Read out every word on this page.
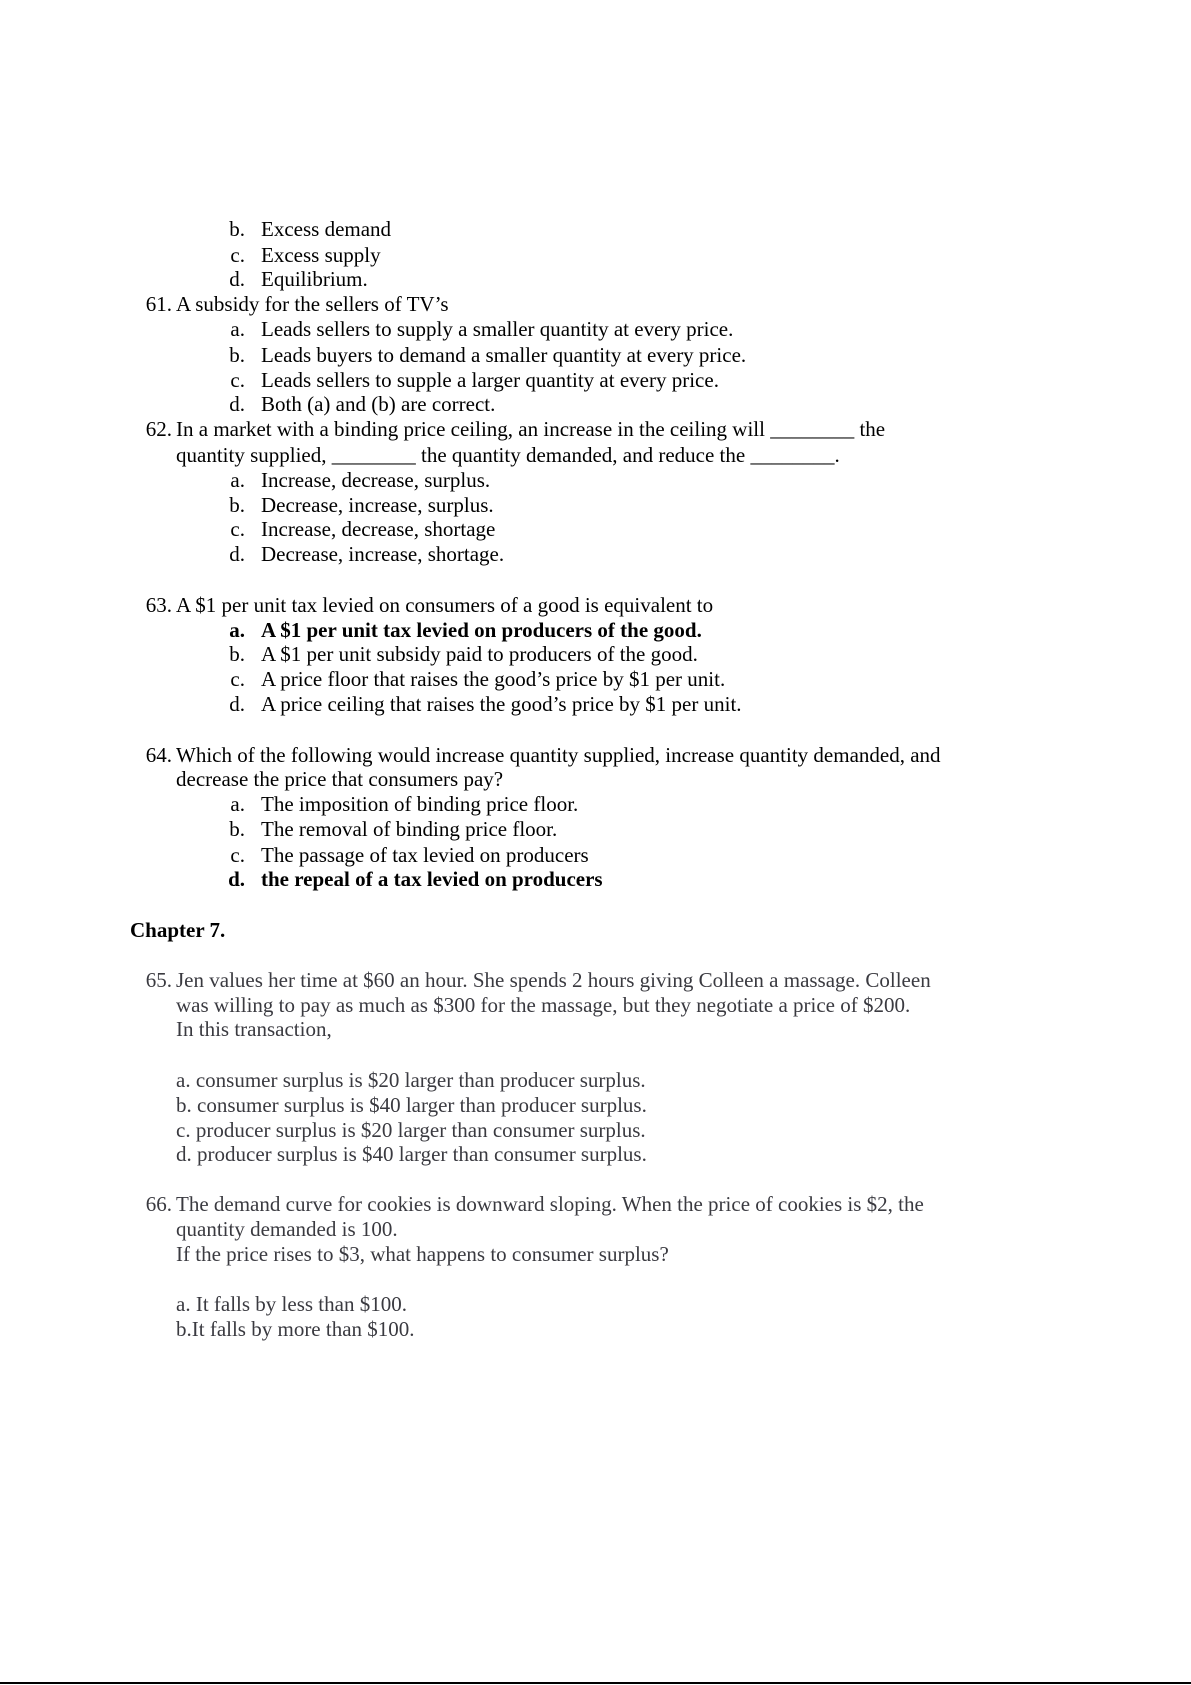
b. Excess demand
c. Excess supply
d. Equilibrium.
61. A subsidy for the sellers of TV’s
a. Leads sellers to supply a smaller quantity at every price.
b. Leads buyers to demand a smaller quantity at every price.
c. Leads sellers to supple a larger quantity at every price.
d. Both (a) and (b) are correct.
62. In a market with a binding price ceiling, an increase in the ceiling will ________ the
quantity supplied, ________ the quantity demanded, and reduce the ________.
a. Increase, decrease, surplus.
b. Decrease, increase, surplus.
c. Increase, decrease, shortage
d. Decrease, increase, shortage.
63. A $1 per unit tax levied on consumers of a good is equivalent to
a. A $1 per unit tax levied on producers of the good.
b. A $1 per unit subsidy paid to producers of the good.
c. A price floor that raises the good’s price by $1 per unit.
d. A price ceiling that raises the good’s price by $1 per unit.
64. Which of the following would increase quantity supplied, increase quantity demanded, and
decrease the price that consumers pay?
a. The imposition of binding price floor.
b. The removal of binding price floor.
c. The passage of tax levied on producers
d. the repeal of a tax levied on producers
Chapter 7.
65. Jen values her time at $60 an hour. She spends 2 hours giving Colleen a massage. Colleen
was willing to pay as much as $300 for the massage, but they negotiate a price of $200.
In this transaction,
a. consumer surplus is $20 larger than producer surplus.
b. consumer surplus is $40 larger than producer surplus.
c. producer surplus is $20 larger than consumer surplus.
d. producer surplus is $40 larger than consumer surplus.
66. The demand curve for cookies is downward sloping. When the price of cookies is $2, the
quantity demanded is 100.
If the price rises to $3, what happens to consumer surplus?
a. It falls by less than $100.
b.It falls by more than $100.
